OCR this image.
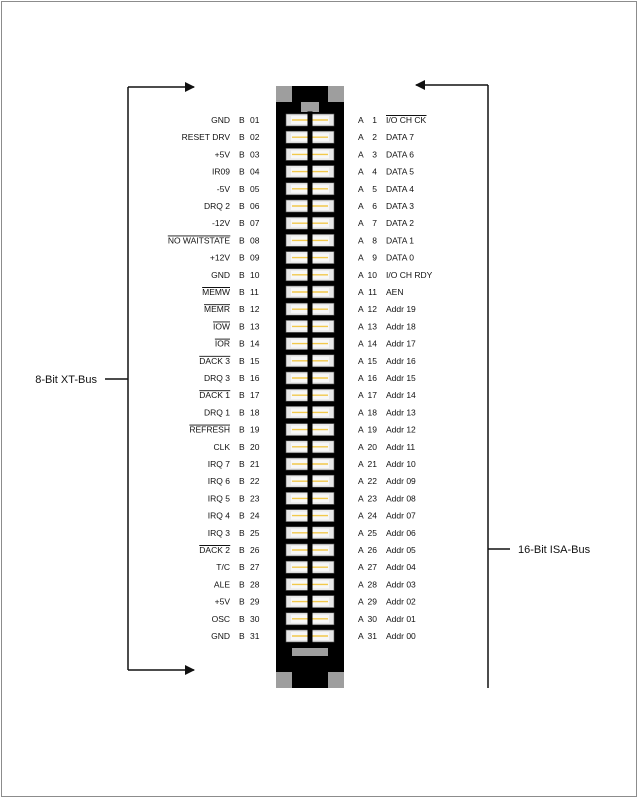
8-Bit XT-Bus
16-Bit ISA-Bus
GND B 01
RESET DRV B 02
+5V B 03
IR09 B 04
-5V B 05
DRQ 2 B 06
-12V B 07
NO WAITSTATE B 08
+12V B 09
GND B 10
MEMW B 11
MEMR B 12
IOW B 13
IOR B 14
DACK 3 B 15
DRQ 3 B 16
DACK 1 B 17
DRQ 1 B 18
REFRESH B 19
CLK B 20
IRQ 7 B 21
IRQ 6 B 22
IRQ 5 B 23
IRQ 4 B 24
IRQ 3 B 25
DACK 2 B 26
T/C B 27
ALE B 28
+5V B 29
OSC B 30
GND B 31
A 1 I/O CH CK
A 2 DATA 7
A 3 DATA 6
A 4 DATA 5
A 5 DATA 4
A 6 DATA 3
A 7 DATA 2
A 8 DATA 1
A 9 DATA 0
A 10 I/O CH RDY
A 11 AEN
A 12 Addr 19
A 13 Addr 18
A 14 Addr 17
A 15 Addr 16
A 16 Addr 15
A 17 Addr 14
A 18 Addr 13
A 19 Addr 12
A 20 Addr 11
A 21 Addr 10
A 22 Addr 09
A 23 Addr 08
A 24 Addr 07
A 25 Addr 06
A 26 Addr 05
A 27 Addr 04
A 28 Addr 03
A 29 Addr 02
A 30 Addr 01
A 31 Addr 00
